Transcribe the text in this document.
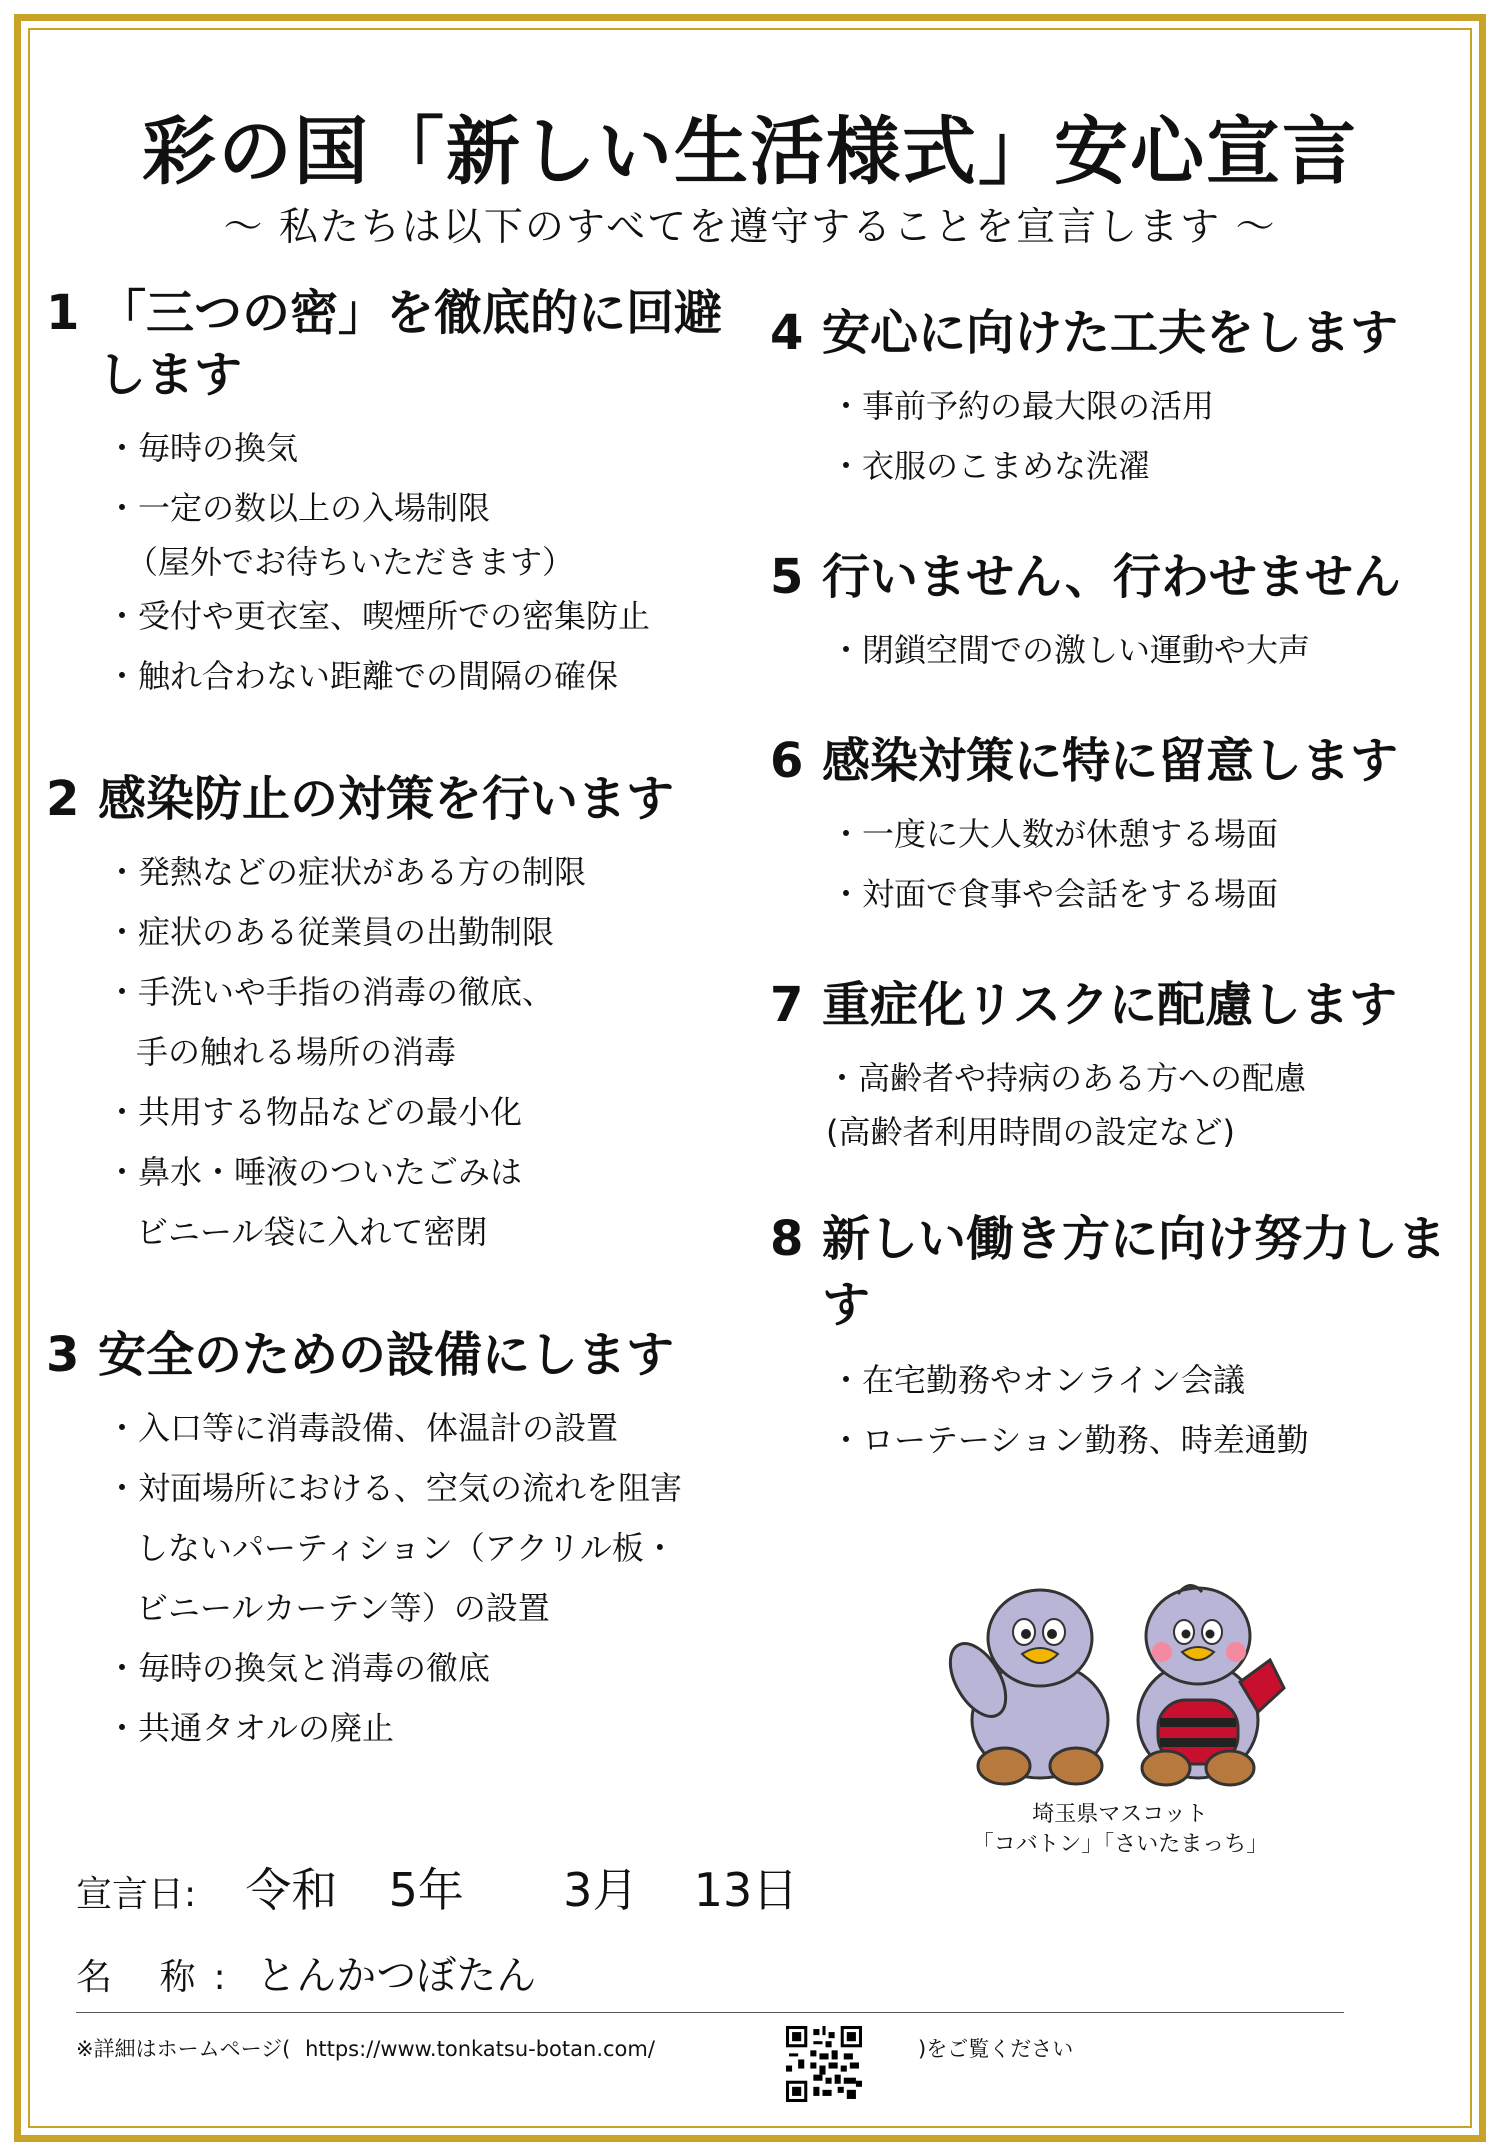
彩の国「新しい生活様式」安心宣言
～ 私たちは以下のすべてを遵守することを宣言します ～
1 「三つの密」を徹底的に回避します
・毎時の換気
・一定の数以上の入場制限
（屋外でお待ちいただきます）
・受付や更衣室、喫煙所での密集防止
・触れ合わない距離での間隔の確保
2 感染防止の対策を行います
・発熱などの症状がある方の制限
・症状のある従業員の出勤制限
・手洗いや手指の消毒の徹底、
手の触れる場所の消毒
・共用する物品などの最小化
・鼻水・唾液のついたごみは
ビニール袋に入れて密閉
3 安全のための設備にします
・入口等に消毒設備、体温計の設置
・対面場所における、空気の流れを阻害
しないパーティション（アクリル板・
ビニールカーテン等）の設置
・毎時の換気と消毒の徹底
・共通タオルの廃止
4 安心に向けた工夫をします
・事前予約の最大限の活用
・衣服のこまめな洗濯
5 行いません、行わせません
・閉鎖空間での激しい運動や大声
6 感染対策に特に留意します
・一度に大人数が休憩する場面
・対面で食事や会話をする場面
7 重症化リスクに配慮します
・高齢者や持病のある方への配慮
(高齢者利用時間の設定など)
8 新しい働き方に向け努力します
・在宅勤務やオンライン会議
・ローテーション勤務、時差通勤
埼玉県マスコット
「コバトン」「さいたまっち」
宣言日: 令和 5年 3月 13日
名 称: とんかつぼたん
※詳細はホームページ( https://www.tonkatsu-botan.com/	)をご覧ください
